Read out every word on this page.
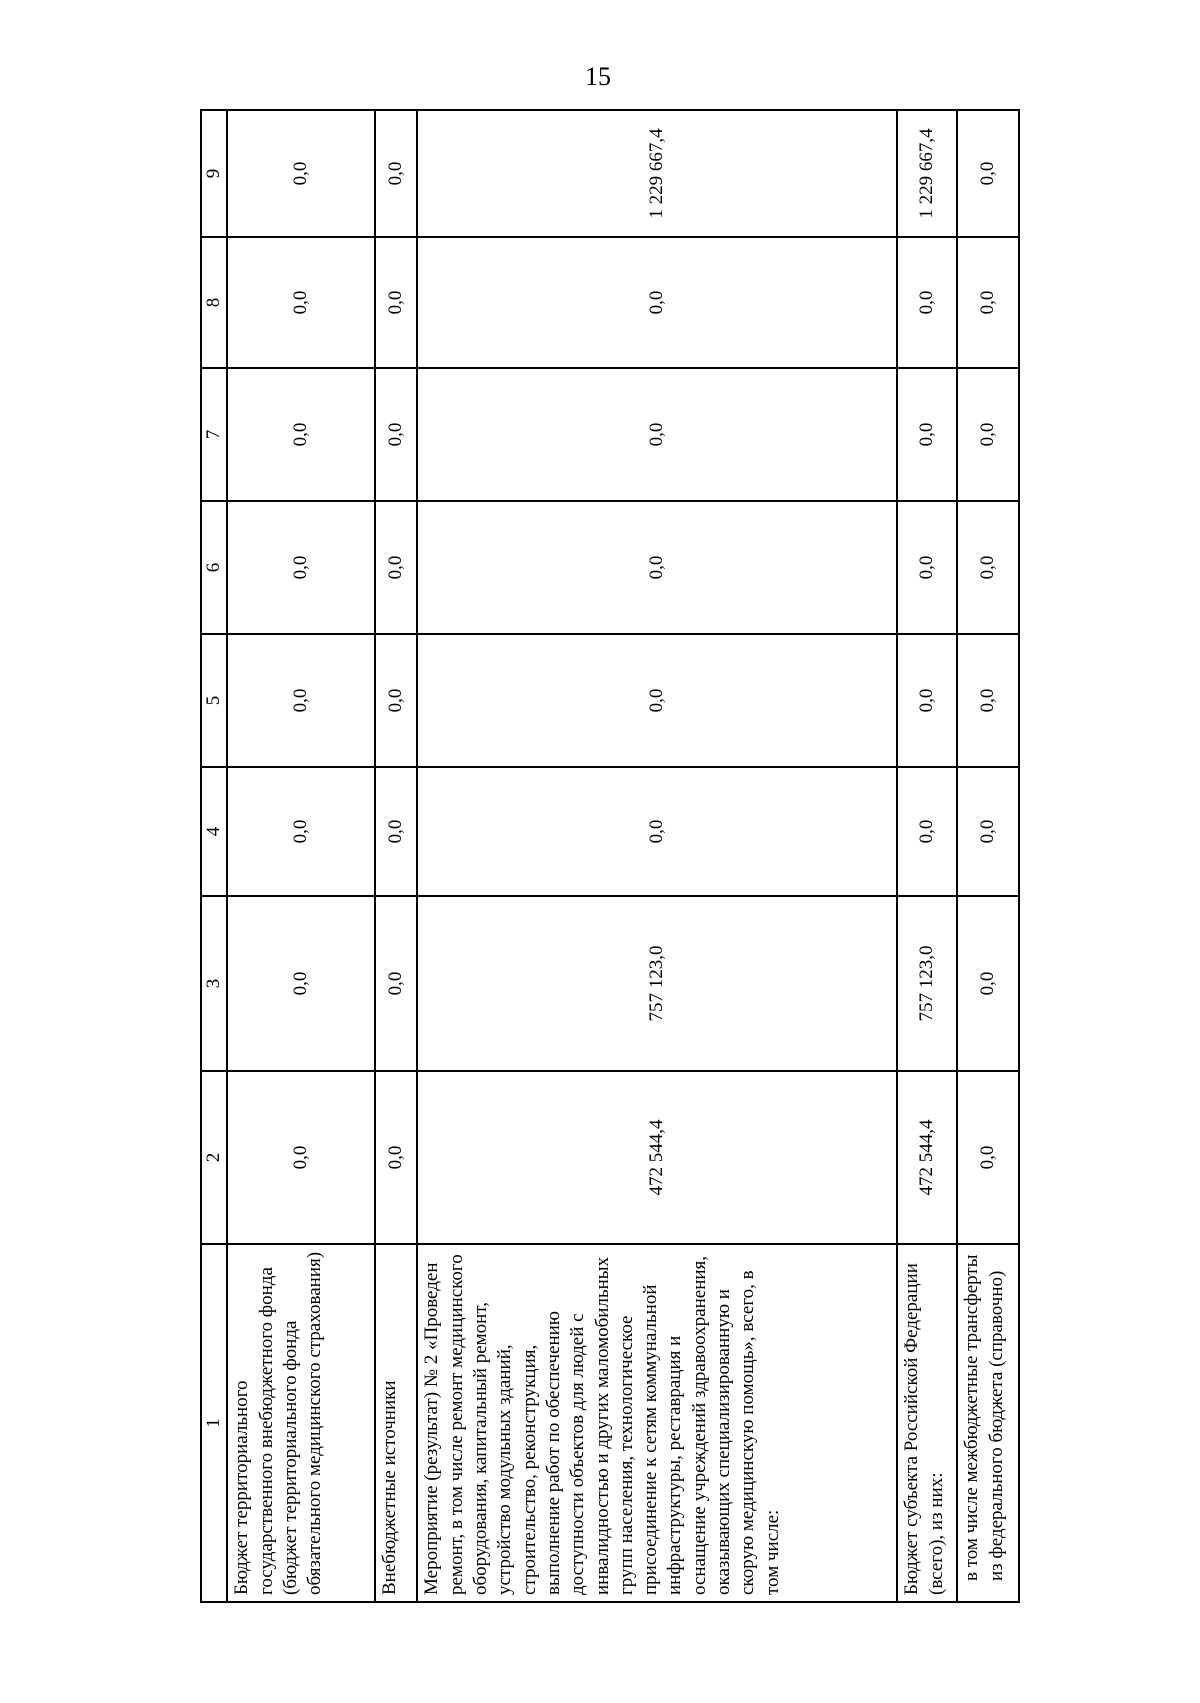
15
1	2	3	4	5	6	7	8	9
Бюджет территориального государственного внебюджетного фонда (бюджет территориального фонда обязательного медицинского страхования)	0,0	0,0	0,0	0,0	0,0	0,0	0,0	0,0
Внебюджетные источники	0,0	0,0	0,0	0,0	0,0	0,0	0,0	0,0
Мероприятие (результат) № 2 «Проведен ремонт, в том числе ремонт медицинского оборудования, капитальный ремонт, устройство модульных зданий, строительство, реконструкция, выполнение работ по обеспечению доступности объектов для людей с инвалидностью и других маломобильных групп населения, технологическое присоединение к сетям коммунальной инфраструктуры, реставрация и оснащение учреждений здравоохранения, оказывающих специализированную и скорую медицинскую помощь», всего, в том числе:	472 544,4	757 123,0	0,0	0,0	0,0	0,0	0,0	1 229 667,4
Бюджет субъекта Российской Федерации (всего), из них:	472 544,4	757 123,0	0,0	0,0	0,0	0,0	0,0	1 229 667,4
в том числе межбюджетные трансферты из федерального бюджета (справочно)	0,0	0,0	0,0	0,0	0,0	0,0	0,0	0,0
